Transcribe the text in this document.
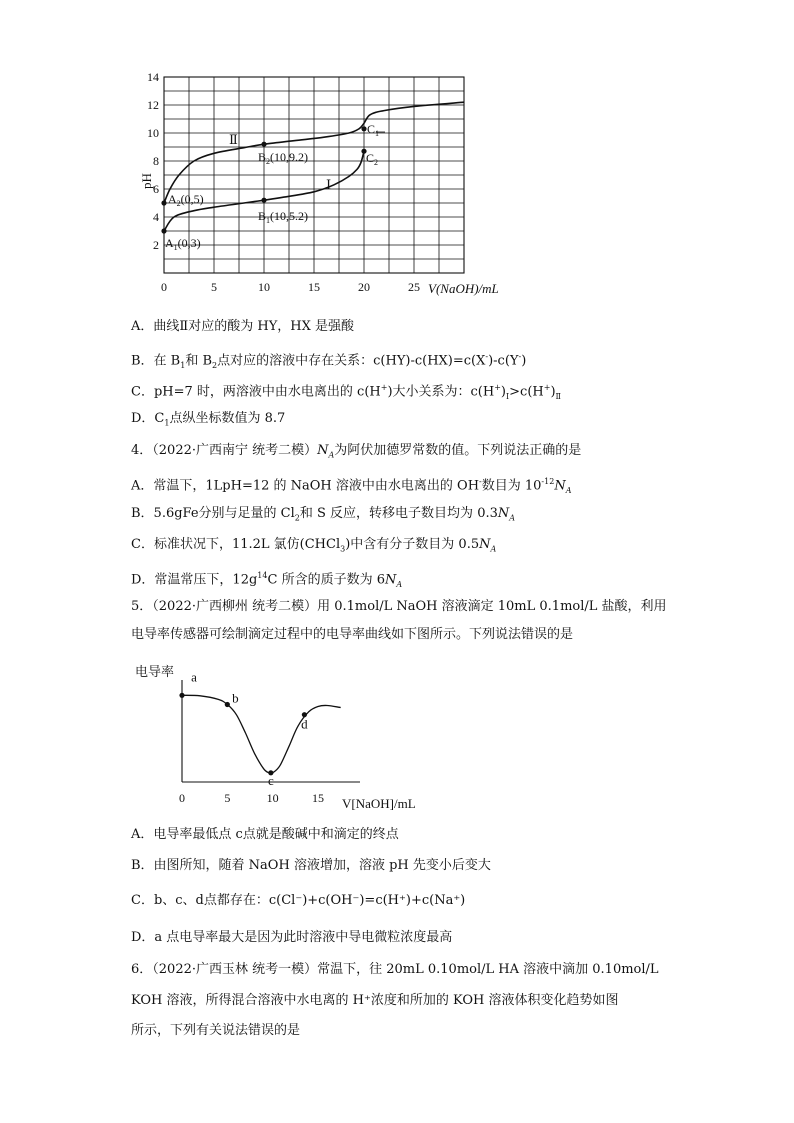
2
4
6
8
10
12
14
0	5	10	15	20	25
pH
V(NaOH)/mL
Ⅱ
Ⅰ
$A_2(0,5)$
$B_2(10,9.2)$
$B_1(10,5.2)$
$A_1(0,3)$
$C_2$
$C_1$
A．曲线Ⅱ对应的酸为 HY，HX 是强酸
B．在 $B_1$和 $B_2$点对应的溶液中存在关系：c(HY)-c(HX)=c(X-)-c(Y-)
C．pH=7 时，两溶液中由水电离出的 c(H+)大小关系为：$c(H^+)_Ⅰ>c(H^+)_Ⅱ$
D．$C_1$点纵坐标数值为 8.7
4．（2022·广西南宁 统考二模）$N_A$为阿伏加德罗常数的值。下列说法正确的是
A．常温下，1LpH=12 的 NaOH 溶液中由水电离出的 OH-数目为 $10^{-12}N_A$
B．5.6gFe分别与足量的 $Cl_2$和 S 反应，转移电子数目均为 $0.3N_A$
C．标准状况下，11.2L 氯仿(CHCl$_3$)中含有分子数目为 $0.5N_A$
D．常温常压下，$12g^{14}C$ 所含的质子数为 $6N_A$
5．（2022·广西柳州 统考二模）用 0.1mol/L NaOH 溶液滴定 10mL 0.1mol/L 盐酸，利用
电导率传感器可绘制滴定过程中的电导率曲线如下图所示。下列说法错误的是
0	5	10	15
a
b
c
d
电导率
V[NaOH]/mL
A．电导率最低点 c点就是酸碱中和滴定的终点
B．由图所知，随着 NaOH 溶液增加，溶液 pH 先变小后变大
C．b、c、d点都存在：c(Cl⁻)+c(OH⁻)=c(H⁺)+c(Na⁺)
D．a 点电导率最大是因为此时溶液中导电微粒浓度最高
6．（2022·广西玉林 统考一模）常温下，往 20mL 0.10mol/L HA 溶液中滴加 0.10mol/L
KOH 溶液，所得混合溶液中水电离的 H⁺浓度和所加的 KOH 溶液体积变化趋势如图
所示，下列有关说法错误的是
